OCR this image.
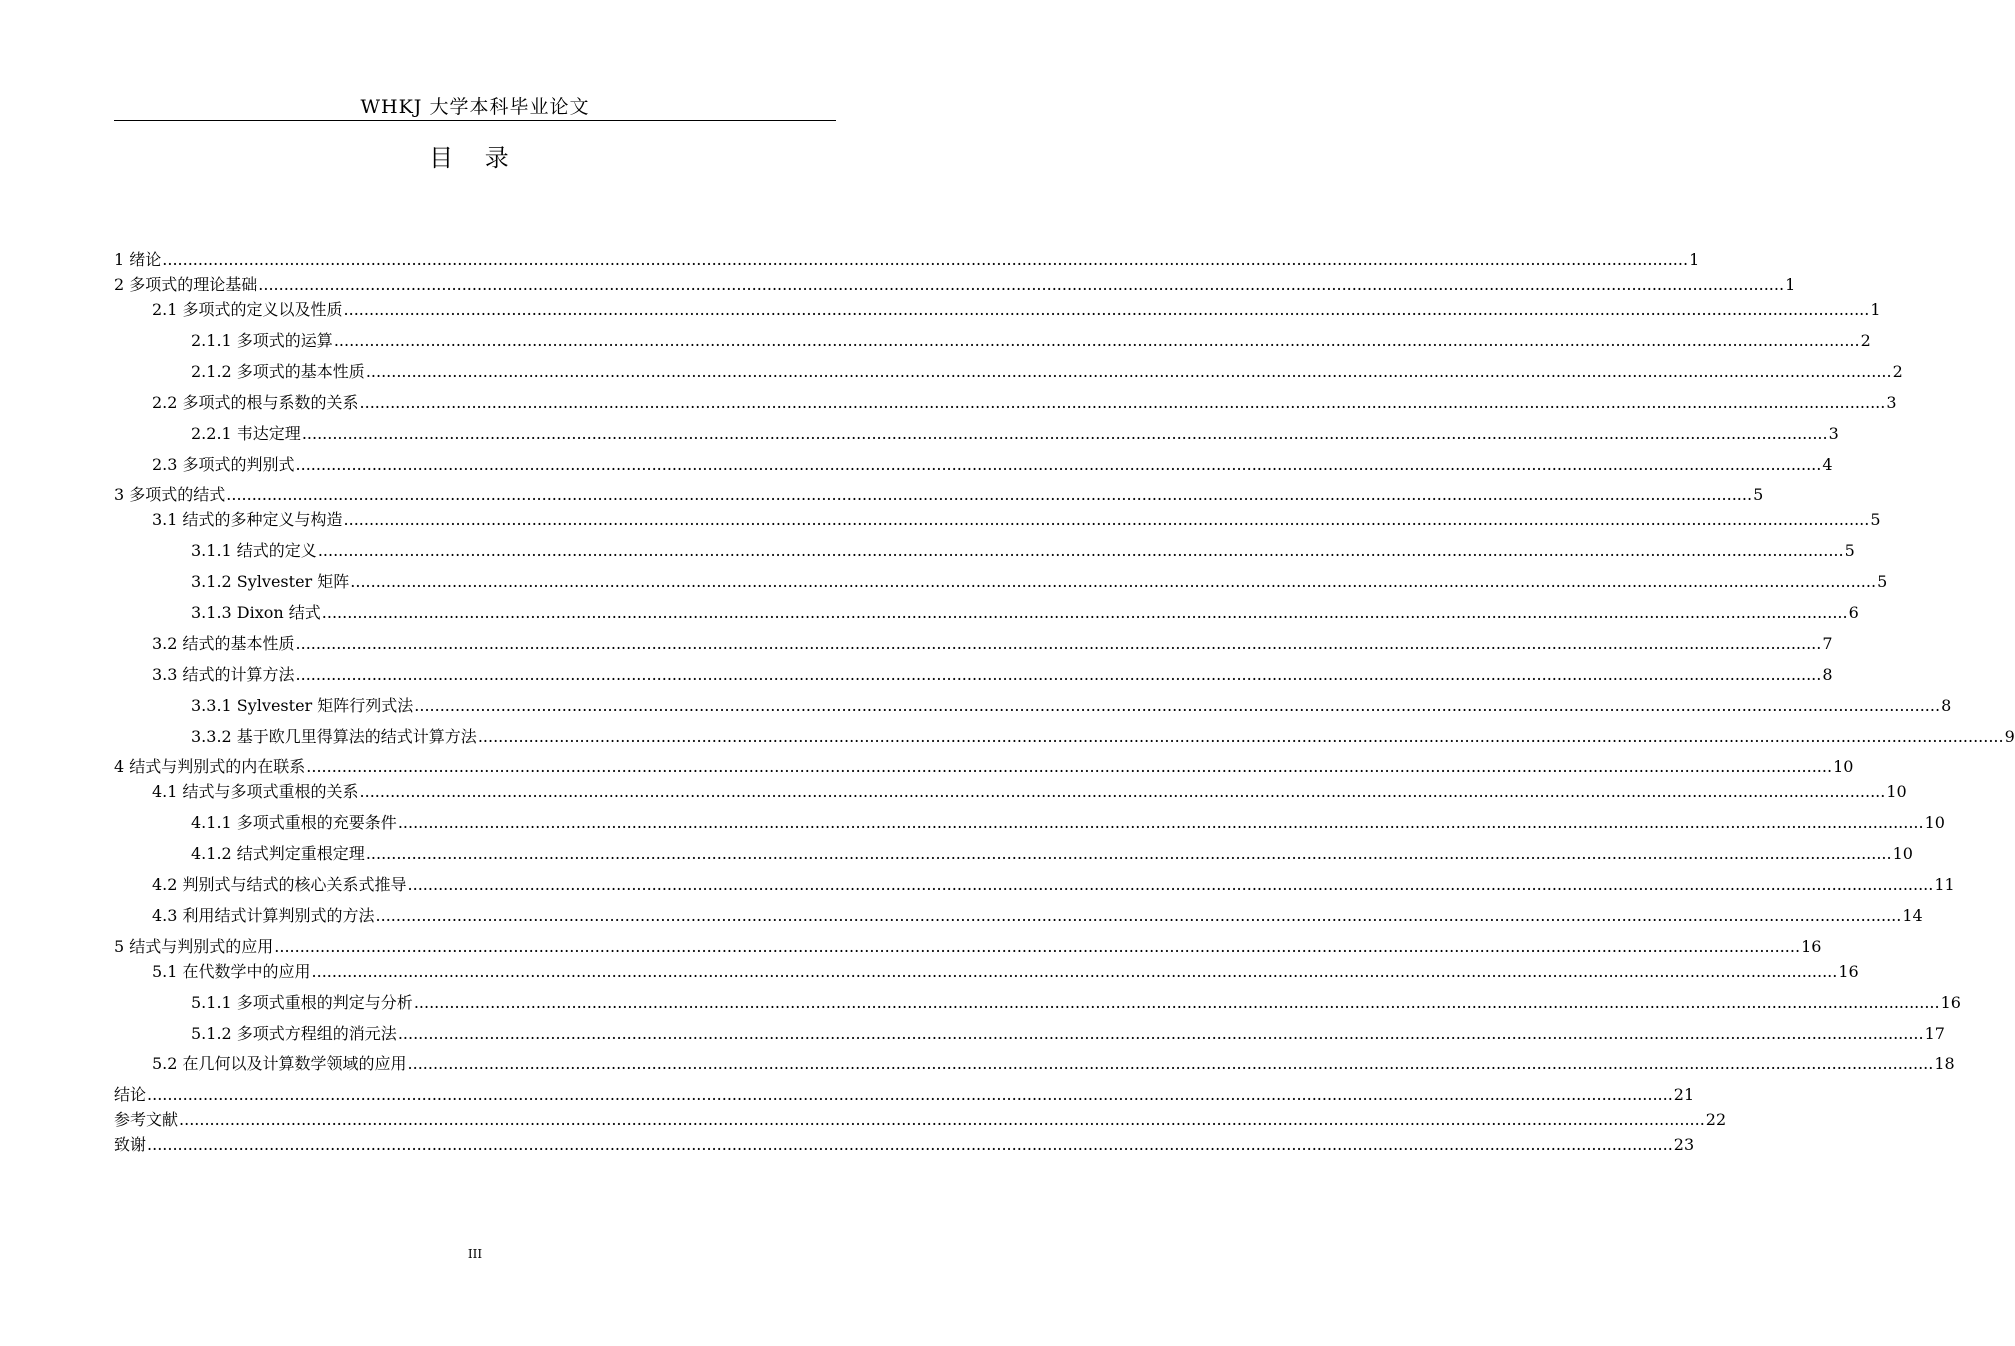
WHKJ 大学本科毕业论文
目 录
1 绪论 ............................................................................................................................................................................................................................................................................................................ 1
2 多项式的理论基础 ............................................................................................................................................................................................................................................................................................................ 1
2.1 多项式的定义以及性质 ............................................................................................................................................................................................................................................................................................................ 1
2.1.1 多项式的运算 ............................................................................................................................................................................................................................................................................................................ 2
2.1.2 多项式的基本性质 ............................................................................................................................................................................................................................................................................................................ 2
2.2 多项式的根与系数的关系 ............................................................................................................................................................................................................................................................................................................ 3
2.2.1 韦达定理 ............................................................................................................................................................................................................................................................................................................ 3
2.3 多项式的判别式 ............................................................................................................................................................................................................................................................................................................ 4
3 多项式的结式 ............................................................................................................................................................................................................................................................................................................ 5
3.1 结式的多种定义与构造 ............................................................................................................................................................................................................................................................................................................ 5
3.1.1 结式的定义 ............................................................................................................................................................................................................................................................................................................ 5
3.1.2 Sylvester 矩阵 ............................................................................................................................................................................................................................................................................................................ 5
3.1.3 Dixon 结式 ............................................................................................................................................................................................................................................................................................................ 6
3.2 结式的基本性质 ............................................................................................................................................................................................................................................................................................................ 7
3.3 结式的计算方法 ............................................................................................................................................................................................................................................................................................................ 8
3.3.1 Sylvester 矩阵行列式法 ............................................................................................................................................................................................................................................................................................................ 8
3.3.2 基于欧几里得算法的结式计算方法 ............................................................................................................................................................................................................................................................................................................ 9
4 结式与判别式的内在联系 ............................................................................................................................................................................................................................................................................................................ 10
4.1 结式与多项式重根的关系 ............................................................................................................................................................................................................................................................................................................ 10
4.1.1 多项式重根的充要条件 ............................................................................................................................................................................................................................................................................................................ 10
4.1.2 结式判定重根定理 ............................................................................................................................................................................................................................................................................................................ 10
4.2 判别式与结式的核心关系式推导 ............................................................................................................................................................................................................................................................................................................ 11
4.3 利用结式计算判别式的方法 ............................................................................................................................................................................................................................................................................................................ 14
5 结式与判别式的应用 ............................................................................................................................................................................................................................................................................................................ 16
5.1 在代数学中的应用 ............................................................................................................................................................................................................................................................................................................ 16
5.1.1 多项式重根的判定与分析 ............................................................................................................................................................................................................................................................................................................ 16
5.1.2 多项式方程组的消元法 ............................................................................................................................................................................................................................................................................................................ 17
5.2 在几何以及计算数学领域的应用 ............................................................................................................................................................................................................................................................................................................ 18
结论 ............................................................................................................................................................................................................................................................................................................ 21
参考文献 ............................................................................................................................................................................................................................................................................................................ 22
致谢 ............................................................................................................................................................................................................................................................................................................ 23
III
